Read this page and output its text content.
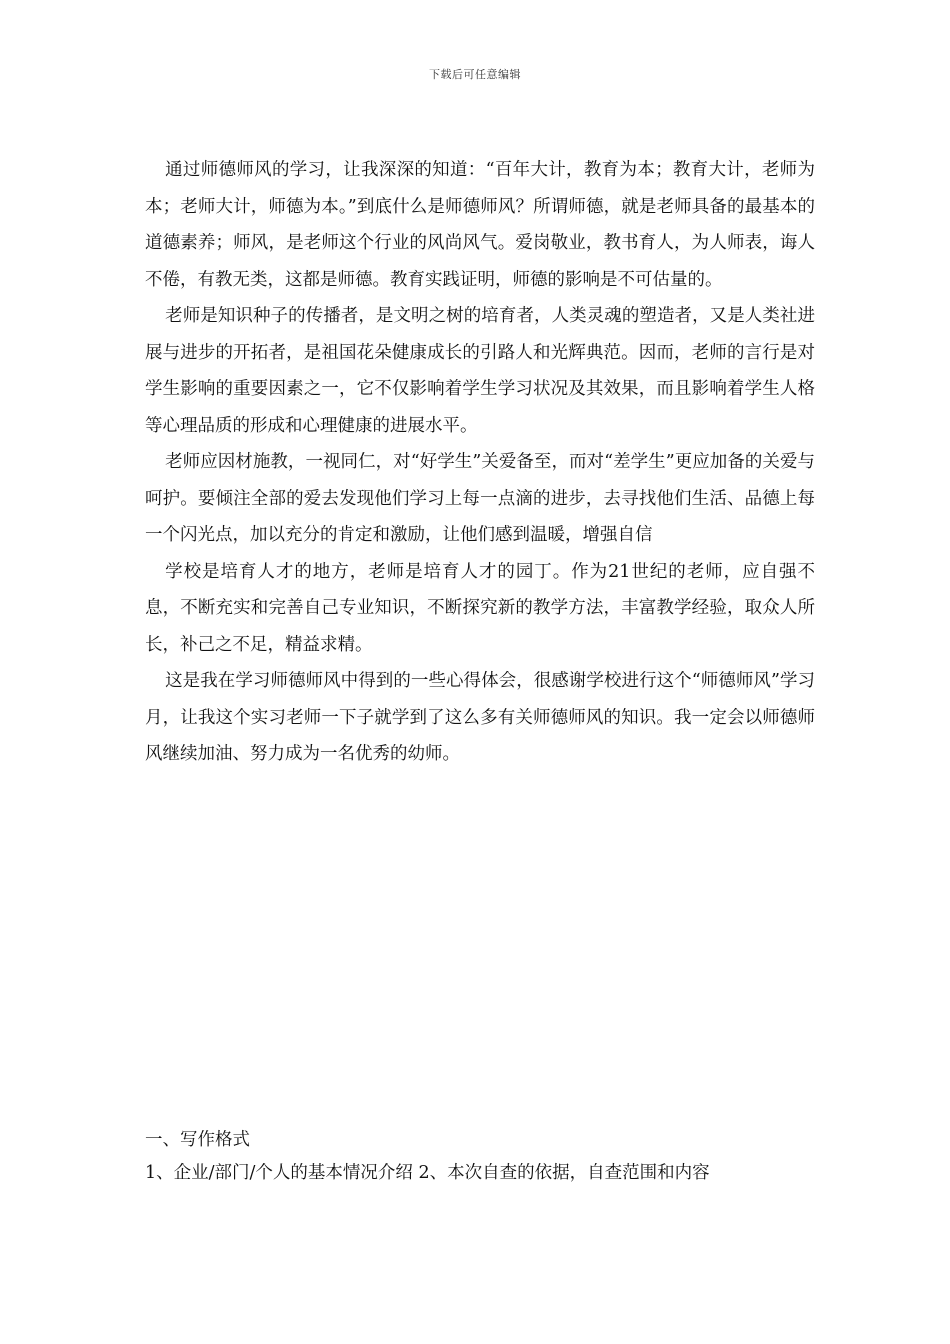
下载后可任意编辑

通过师德师风的学习，让我深深的知道：“百年大计，教育为本；教育大计，老师为本；老师大计，师德为本。”到底什么是师德师风？所谓师德，就是老师具备的最基本的道德素养；师风，是老师这个行业的风尚风气。爱岗敬业，教书育人，为人师表，诲人不倦，有教无类，这都是师德。教育实践证明，师德的影响是不可估量的。

老师是知识种子的传播者，是文明之树的培育者，人类灵魂的塑造者，又是人类社进展与进步的开拓者，是祖国花朵健康成长的引路人和光辉典范。因而，老师的言行是对学生影响的重要因素之一，它不仅影响着学生学习状况及其效果，而且影响着学生人格等心理品质的形成和心理健康的进展水平。

老师应因材施教，一视同仁，对“好学生”关爱备至，而对“差学生”更应加备的关爱与呵护。要倾注全部的爱去发现他们学习上每一点滴的进步，去寻找他们生活、品德上每一个闪光点，加以充分的肯定和激励，让他们感到温暖，增强自信

学校是培育人才的地方，老师是培育人才的园丁。作为21世纪的老师，应自强不息，不断充实和完善自己专业知识，不断探究新的教学方法，丰富教学经验，取众人所长，补己之不足，精益求精。

这是我在学习师德师风中得到的一些心得体会，很感谢学校进行这个“师德师风”学习月，让我这个实习老师一下子就学到了这么多有关师德师风的知识。我一定会以师德师风继续加油、努力成为一名优秀的幼师。

一、写作格式

1、企业/部门/个人的基本情况介绍 2、本次自查的依据，自查范围和内容
